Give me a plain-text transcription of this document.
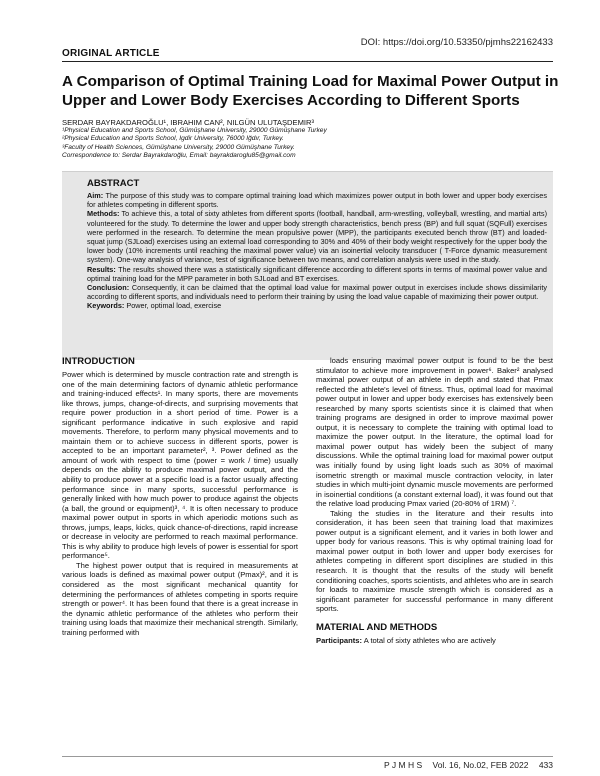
DOI: https://doi.org/10.53350/pjmhs22162433
ORIGINAL ARTICLE
A Comparison of Optimal Training Load for Maximal Power Output in Upper and Lower Body Exercises According to Different Sports
SERDAR BAYRAKDAROĞLU¹, IBRAHIM CAN², NILGÜN ULUTAŞDEMIR³
¹Physical Education and Sports School, Gümüşhane University, 29000 Gümüşhane Turkey
²Physical Education and Sports School, Igdir University, 76000 Iğdır, Turkey.
³Faculty of Health Sciences, Gümüşhane University, 29000 Gümüşhane Turkey.
Correspondence to: Serdar Bayrakdaroğlu, Email: bayrakdaroglu85@gmail.com
ABSTRACT

Aim: The purpose of this study was to compare optimal training load which maximizes power output in both lower and upper body exercises for athletes competing in different sports.

Methods: To achieve this, a total of sixty athletes from different sports (football, handball, arm-wrestling, volleyball, wrestling, and martial arts) volunteered for the study. To determine the lower and upper body strength characteristics, bench press (BP) and full squat (SQFull) exercises were performed in the research. To determine the mean propulsive power (MPP), the participants executed bench throw (BT) and loaded-squat jump (SJLoad) exercises using an external load corresponding to 30% and 40% of their body weight respectively for the upper body the lower body (10% increments until reaching the maximal power value) via an isoinertial velocity transducer ( T-Force dynamic measurement system). One-way analysis of variance, test of significance between two means, and correlation analysis were used in the study.

Results: The results showed there was a statistically significant difference according to different sports in terms of maximal power value and optimal training load for the MPP parameter in both SJLoad and BT exercises.

Conclusion: Consequently, it can be claimed that the optimal load value for maximal power output in exercises include shows dissimilarity according to different sports, and individuals need to perform their training by using the load value capable of maximizing their power output.

Keywords: Power, optimal load, exercise

INTRODUCTION

Power which is determined by muscle contraction rate and strength is one of the main determining factors of dynamic athletic performance and training-induced effects¹. In many sports, there are movements like throws, jumps, change-of-directs, and surprising movements that require power production in a short period of time. Power is a significant performance indicative in such explosive and rapid movements. Therefore, to perform many physical movements and to maintain them or to achieve success in different sports, power is accepted to be an important parameter², ³. Power defined as the amount of work with respect to time (power = work / time) usually depends on the ability to produce maximal power output, and the ability to produce power at a specific load is a factor usually affecting performance since in many sports, successful performance is generally linked with how much power to produce against the objects (a ball, the ground or equipment)³, ⁴. It is often necessary to produce maximal power output in sports in which aperiodic motions such as throws, jumps, leaps, kicks, quick chance-of-directions, rapid increase or decrease in velocity are performed to reach maximal performance. This is why ability to produce high levels of power is essential for sport performance⁵.

The highest power output that is required in measurements at various loads is defined as maximal power output (Pmax)², and it is considered as the most significant mechanical quantity for determining the performances of athletes competing in sports require strength or power⁴. It has been found that there is a great increase in the dynamic athletic performance of the athletes who perform their training using loads that maximize their mechanical strength. Similarly, training performed with

loads ensuring maximal power output is found to be the best stimulator to achieve more improvement in power⁶. Baker² analysed maximal power output of an athlete in depth and stated that Pmax reflected the athlete's level of fitness. Thus, optimal load for maximal power output in lower and upper body exercises has extensively been researched by many sports scientists since it is claimed that when training programs are designed in order to improve maximal power output, it is necessary to complete the training with optimal load to maximize the power output. In the literature, the optimal load for maximal power output has widely been the subject of many discussions. While the optimal training load for maximal power output was initially found by using light loads such as 30% of maximal isometric strength or maximal muscle contraction velocity, in later studies in which multi-joint dynamic muscle movements are performed in isoinertial conditions (a constant external load), it was found out that the relative load producing Pmax varied (20-80% of 1RM) ⁷.

Taking the studies in the literature and their results into consideration, it has been seen that training load that maximizes power output is a significant element, and it varies in both lower and upper body for various reasons. This is why optimal training load for maximal power output in both lower and upper body exercises for athletes competing in different sport disciplines are studied in this research. It is thought that the results of the study will benefit conditioning coaches, sports scientists, and athletes who are in search for loads to maximize muscle strength which is considered as a significant parameter for successful performance in many different sports.

MATERIAL AND METHODS

Participants: A total of sixty athletes who are actively

P J M H S Vol. 16, No.02, FEB 2022 433
